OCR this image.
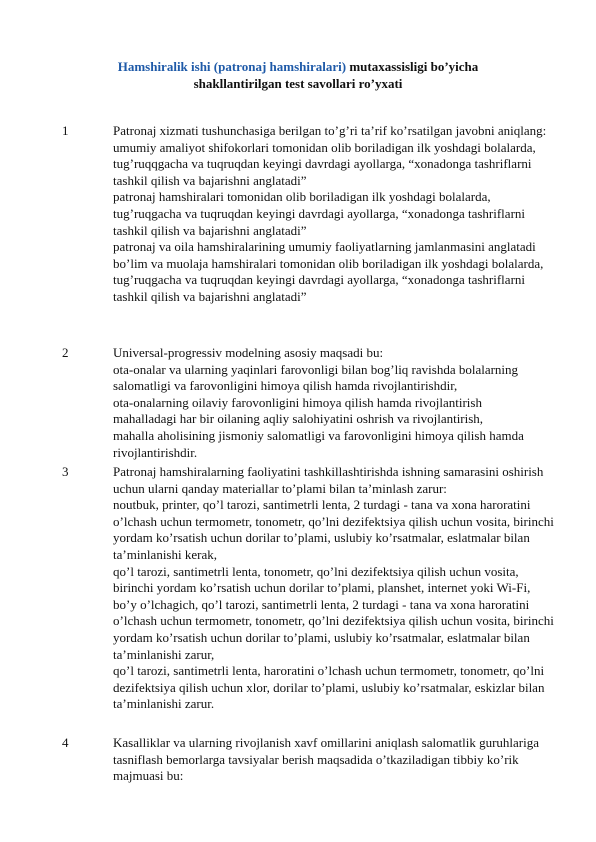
Hamshiralik ishi (patronaj hamshiralari) mutaxassisligi bo’yicha
shakllantirilgan test savollari ro’yxati
1	Patronaj xizmati tushunchasiga berilgan to’g’ri ta’rif ko’rsatilgan javobni aniqlang:

umumiy amaliyot shifokorlari tomonidan olib boriladigan ilk yoshdagi bolalarda, tug’ruqqgacha va tuqruqdan keyingi davrdagi ayollarga, “xonadonga tashriflarni tashkil qilish va bajarishni anglatadi”

patronaj hamshiralari tomonidan olib boriladigan ilk yoshdagi bolalarda, tug’ruqgacha va tuqruqdan keyingi davrdagi ayollarga, “xonadonga tashriflarni tashkil qilish va bajarishni anglatadi”

patronaj va oila hamshiralarining umumiy faoliyatlarning jamlanmasini anglatadi

bo’lim va muolaja hamshiralari tomonidan olib boriladigan ilk yoshdagi bolalarda, tug’ruqgacha va tuqruqdan keyingi davrdagi ayollarga, “xonadonga tashriflarni tashkil qilish va bajarishni anglatadi”

2	Universal-progressiv modelning asosiy maqsadi bu:

ota-onalar va ularning yaqinlari farovonligi bilan bog’liq ravishda bolalarning salomatligi va farovonligini himoya qilish hamda rivojlantirishdir,

ota-onalarning oilaviy farovonligini himoya qilish hamda rivojlantirish

mahalladagi har bir oilaning aqliy salohiyatini oshrish va rivojlantirish,

mahalla aholisining jismoniy salomatligi va farovonligini himoya qilish hamda rivojlantirishdir.

3	Patronaj hamshiralarning faoliyatini tashkillashtirishda ishning samarasini oshirish uchun ularni qanday materiallar to’plami bilan ta’minlash zarur:

noutbuk, printer, qo’l tarozi, santimetrli lenta, 2 turdagi - tana va xona haroratini o’lchash uchun termometr, tonometr, qo’lni dezifektsiya qilish uchun vosita, birinchi yordam ko’rsatish uchun dorilar to’plami, uslubiy ko’rsatmalar, eslatmalar bilan ta’minlanishi kerak,

qo’l tarozi, santimetrli lenta, tonometr, qo’lni dezifektsiya qilish uchun vosita, birinchi yordam ko’rsatish uchun dorilar to’plami, planshet, internet yoki Wi-Fi,

bo’y o’lchagich, qo’l tarozi, santimetrli lenta, 2 turdagi - tana va xona haroratini o’lchash uchun termometr, tonometr, qo’lni dezifektsiya qilish uchun vosita, birinchi yordam ko’rsatish uchun dorilar to’plami, uslubiy ko’rsatmalar, eslatmalar bilan ta’minlanishi zarur,

qo’l tarozi, santimetrli lenta, haroratini o’lchash uchun termometr, tonometr, qo’lni dezifektsiya qilish uchun xlor, dorilar to’plami, uslubiy ko’rsatmalar, eskizlar bilan ta’minlanishi zarur.

4	Kasalliklar va ularning rivojlanish xavf omillarini aniqlash salomatlik guruhlariga tasniflash bemorlarga tavsiyalar berish maqsadida o’tkaziladigan tibbiy ko’rik majmuasi bu:
